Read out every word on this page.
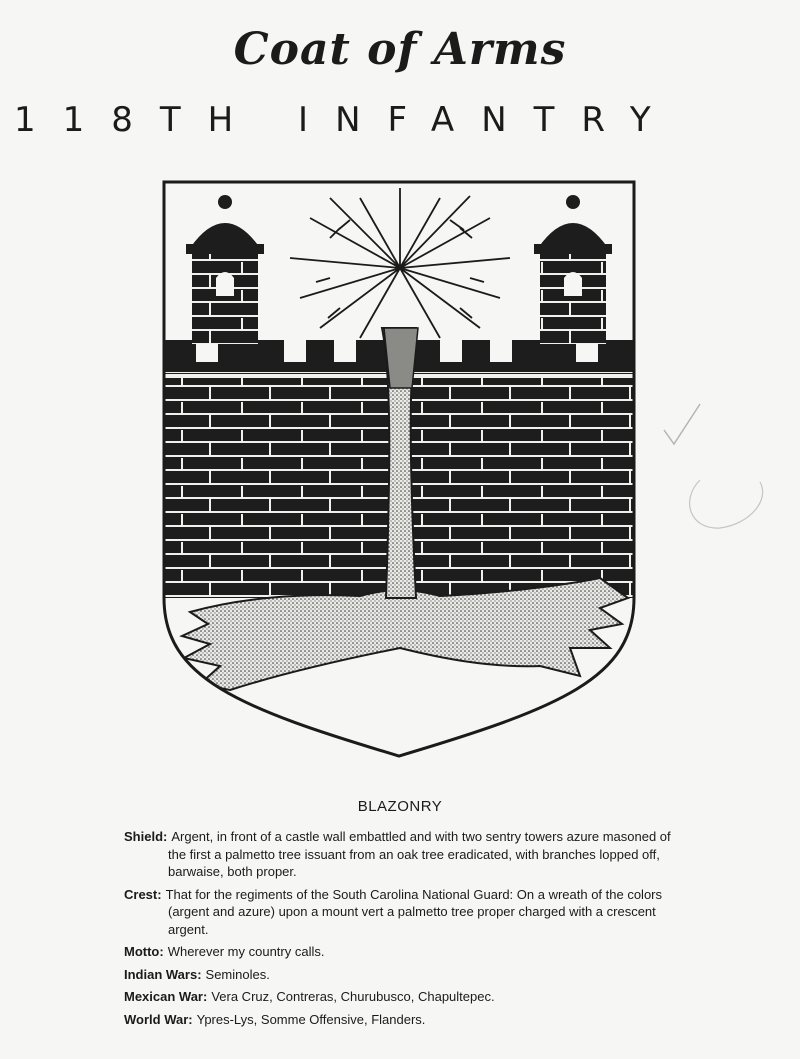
Coat of Arms
118TH INFANTRY
BLAZONRY
Shield: Argent, in front of a castle wall embattled and with two sentry towers azure masoned of the first a palmetto tree issuant from an oak tree eradicated, with branches lopped off, barwaise, both proper.
Crest: That for the regiments of the South Carolina National Guard: On a wreath of the colors (argent and azure) upon a mount vert a palmetto tree proper charged with a crescent argent.
Motto: Wherever my country calls.
Indian Wars: Seminoles.
Mexican War: Vera Cruz, Contreras, Churubusco, Chapultepec.
World War: Ypres-Lys, Somme Offensive, Flanders.
